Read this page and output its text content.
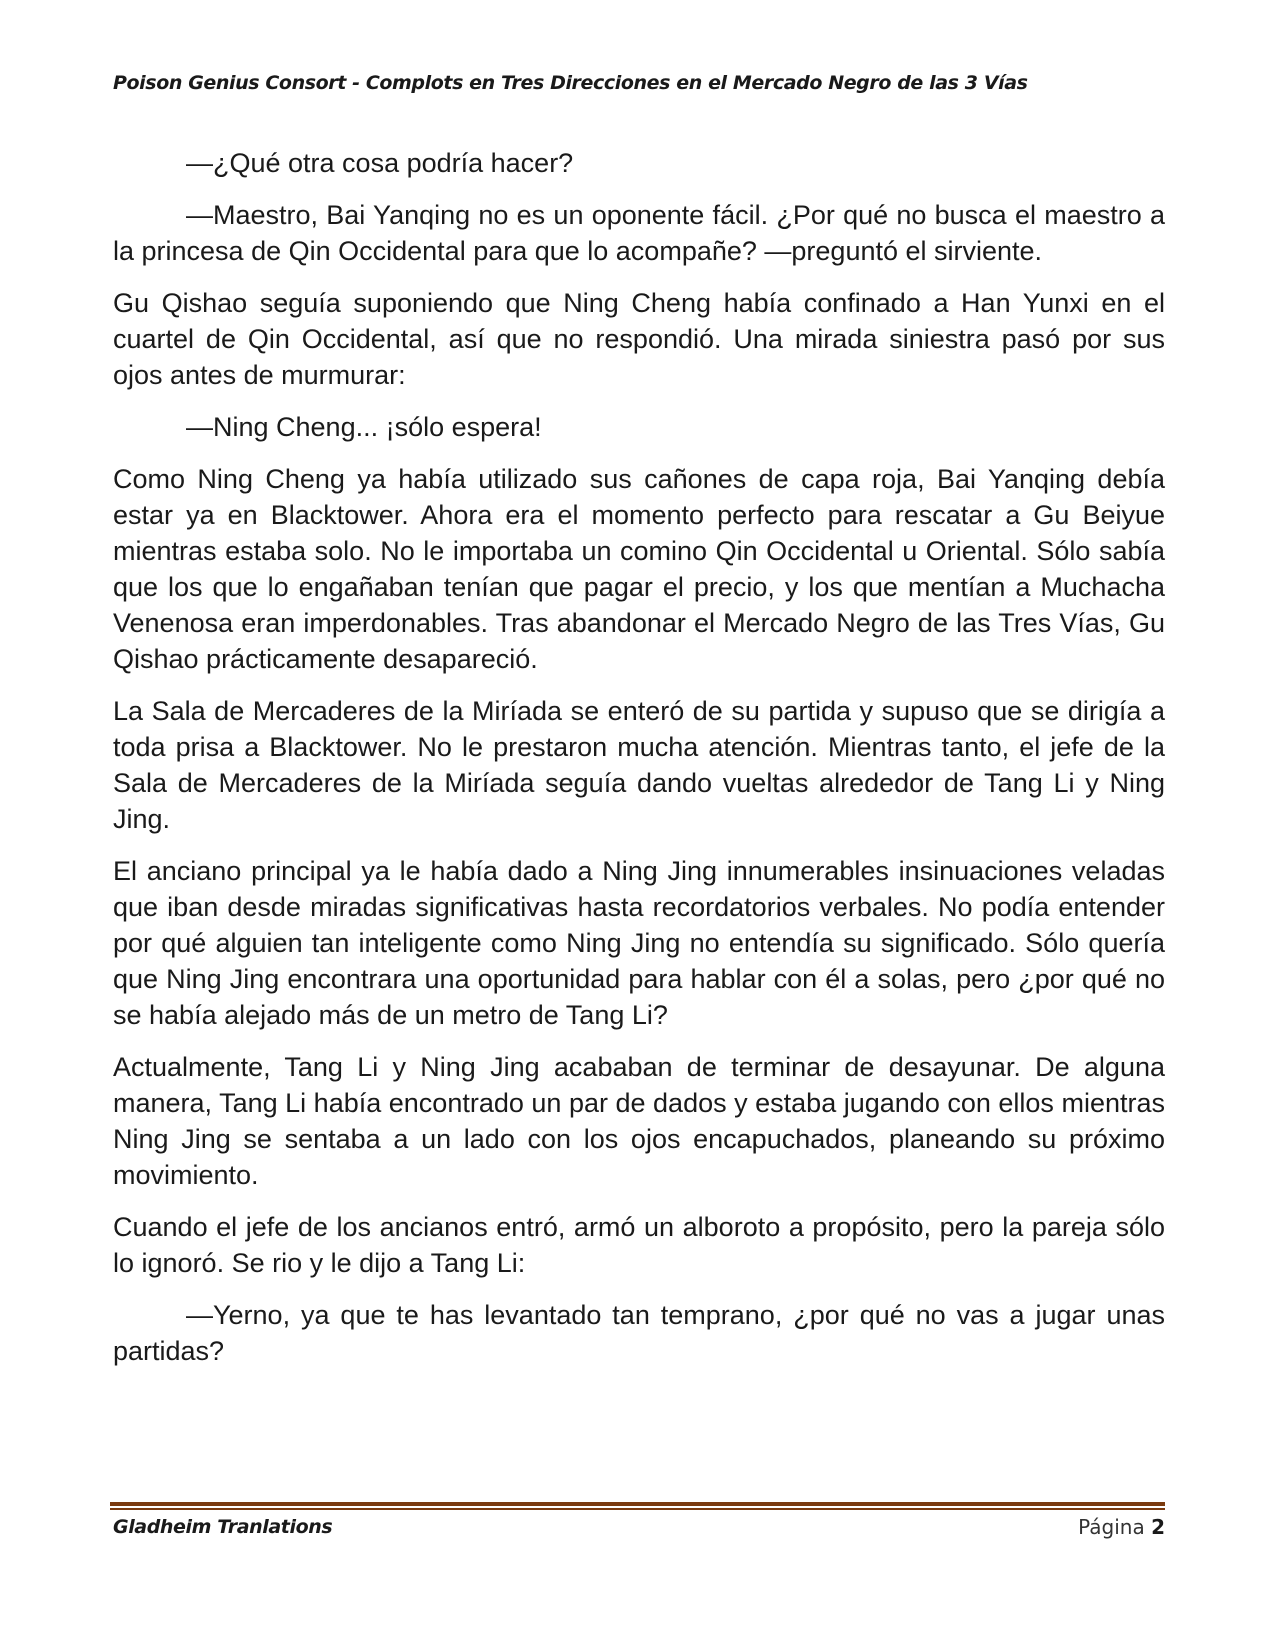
Poison Genius Consort - Complots en Tres Direcciones en el Mercado Negro de las 3 Vías

—¿Qué otra cosa podría hacer?

—Maestro, Bai Yanqing no es un oponente fácil. ¿Por qué no busca el maestro a la princesa de Qin Occidental para que lo acompañe? —preguntó el sirviente.

Gu Qishao seguía suponiendo que Ning Cheng había confinado a Han Yunxi en el cuartel de Qin Occidental, así que no respondió. Una mirada siniestra pasó por sus ojos antes de murmurar:

—Ning Cheng... ¡sólo espera!

Como Ning Cheng ya había utilizado sus cañones de capa roja, Bai Yanqing debía estar ya en Blacktower. Ahora era el momento perfecto para rescatar a Gu Beiyue mientras estaba solo. No le importaba un comino Qin Occidental u Oriental. Sólo sabía que los que lo engañaban tenían que pagar el precio, y los que mentían a Muchacha Venenosa eran imperdonables. Tras abandonar el Mercado Negro de las Tres Vías, Gu Qishao prácticamente desapareció.

La Sala de Mercaderes de la Miríada se enteró de su partida y supuso que se dirigía a toda prisa a Blacktower. No le prestaron mucha atención. Mientras tanto, el jefe de la Sala de Mercaderes de la Miríada seguía dando vueltas alrededor de Tang Li y Ning Jing.

El anciano principal ya le había dado a Ning Jing innumerables insinuaciones veladas que iban desde miradas significativas hasta recordatorios verbales. No podía entender por qué alguien tan inteligente como Ning Jing no entendía su significado. Sólo quería que Ning Jing encontrara una oportunidad para hablar con él a solas, pero ¿por qué no se había alejado más de un metro de Tang Li?

Actualmente, Tang Li y Ning Jing acababan de terminar de desayunar. De alguna manera, Tang Li había encontrado un par de dados y estaba jugando con ellos mientras Ning Jing se sentaba a un lado con los ojos encapuchados, planeando su próximo movimiento.

Cuando el jefe de los ancianos entró, armó un alboroto a propósito, pero la pareja sólo lo ignoró. Se rio y le dijo a Tang Li:

—Yerno, ya que te has levantado tan temprano, ¿por qué no vas a jugar unas partidas?

Gladheim Tranlations	Página 2
